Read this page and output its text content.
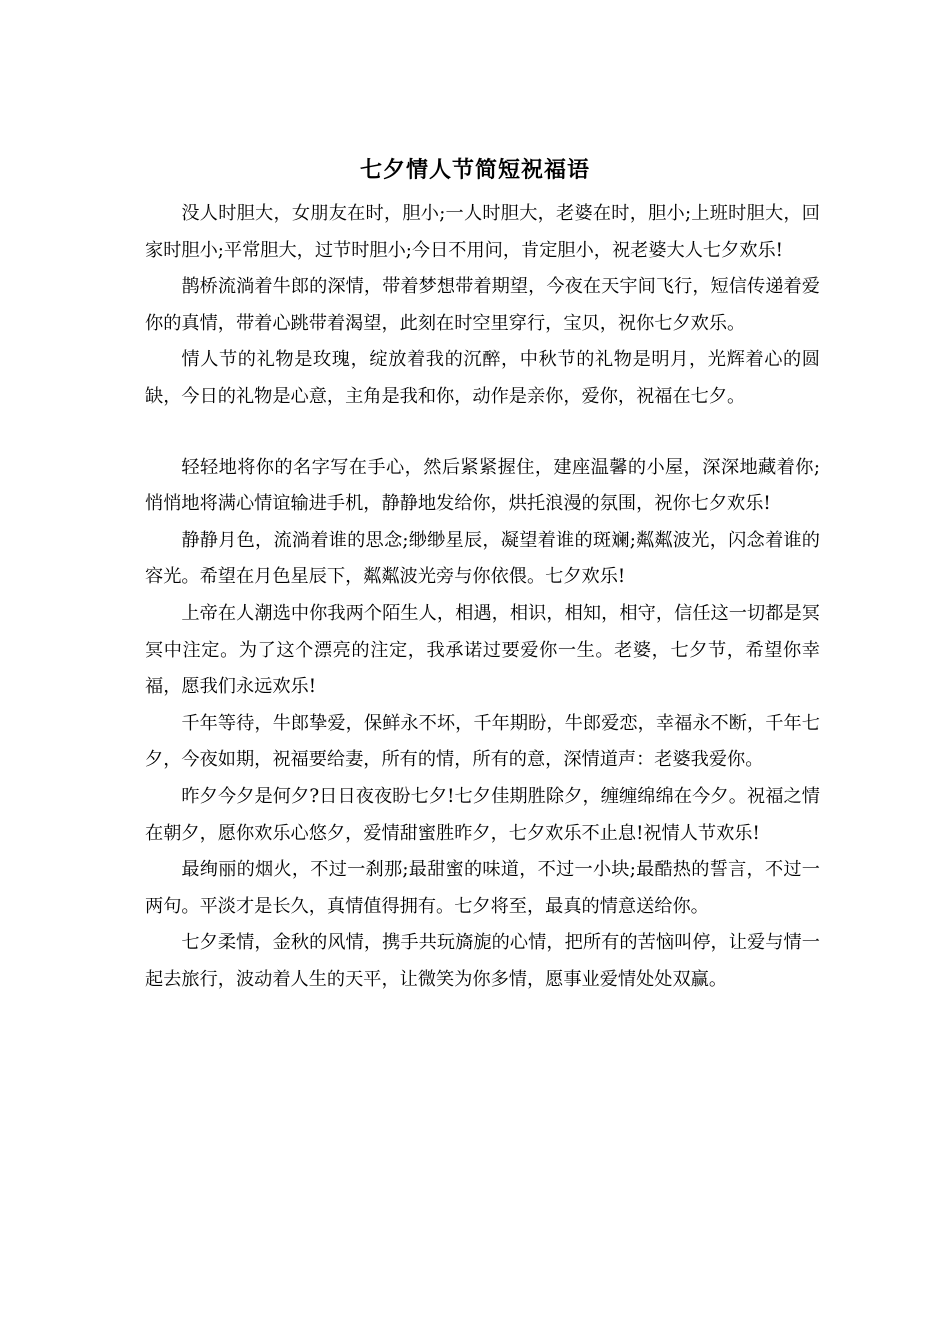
七夕情人节简短祝福语

没人时胆大，女朋友在时，胆小;一人时胆大，老婆在时，胆小;上班时胆大，回家时胆小;平常胆大，过节时胆小;今日不用问，肯定胆小，祝老婆大人七夕欢乐!

鹊桥流淌着牛郎的深情，带着梦想带着期望，今夜在天宇间飞行，短信传递着爱你的真情，带着心跳带着渴望，此刻在时空里穿行，宝贝，祝你七夕欢乐。

情人节的礼物是玫瑰，绽放着我的沉醉，中秋节的礼物是明月，光辉着心的圆缺，今日的礼物是心意，主角是我和你，动作是亲你，爱你，祝福在七夕。

轻轻地将你的名字写在手心，然后紧紧握住，建座温馨的小屋，深深地藏着你;悄悄地将满心情谊输进手机，静静地发给你，烘托浪漫的氛围，祝你七夕欢乐!

静静月色，流淌着谁的思念;缈缈星辰，凝望着谁的斑斓;粼粼波光，闪念着谁的容光。希望在月色星辰下，粼粼波光旁与你依偎。七夕欢乐!

上帝在人潮选中你我两个陌生人，相遇，相识，相知，相守，信任这一切都是冥冥中注定。为了这个漂亮的注定，我承诺过要爱你一生。老婆，七夕节，希望你幸福，愿我们永远欢乐!

千年等待，牛郎挚爱，保鲜永不坏，千年期盼，牛郎爱恋，幸福永不断，千年七夕，今夜如期，祝福要给妻，所有的情，所有的意，深情道声：老婆我爱你。

昨夕今夕是何夕?日日夜夜盼七夕!七夕佳期胜除夕，缠缠绵绵在今夕。祝福之情在朝夕，愿你欢乐心悠夕，爱情甜蜜胜昨夕，七夕欢乐不止息!祝情人节欢乐!

最绚丽的烟火，不过一刹那;最甜蜜的味道，不过一小块;最酷热的誓言，不过一两句。平淡才是长久，真情值得拥有。七夕将至，最真的情意送给你。

七夕柔情，金秋的风情，携手共玩旖旎的心情，把所有的苦恼叫停，让爱与情一起去旅行，波动着人生的天平，让微笑为你多情，愿事业爱情处处双赢。
